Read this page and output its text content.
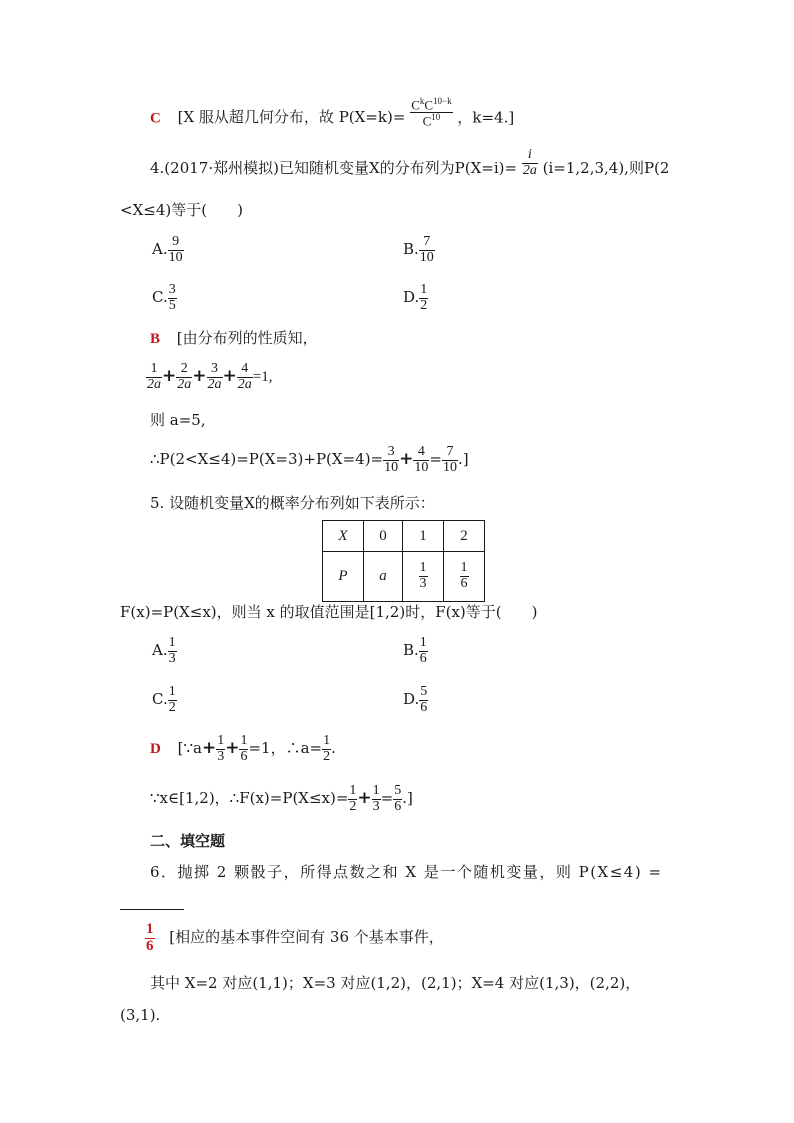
C [X 服从超几何分布，故 $P(X=k)= \frac{C^kC^{10-k}}{C^{10}}$ ，k=4.]
4.(2017·郑州模拟)已知随机变量X的分布列为$P(X=i)= \frac{i}{2a} (i=1,2,3,4)$,则P(2
<X≤4)等于(　　)
A. $\frac{9}{10}$	B. $\frac{7}{10}$
C. $\frac{3}{5}$	D. $\frac{1}{2}$
B [由分布列的性质知，
$\frac{1}{2a} + \frac{2}{2a} + \frac{3}{2a} + \frac{4}{2a} =1$,
则 a=5,
∴P(2<X≤4)=P(X=3)+P(X=4)= $\frac{3}{10} + \frac{4}{10} = \frac{7}{10}$ .]
5. 设随机变量X的概率分布列如下表所示：
X	0	1	2
P	a	$\frac{1}{3}$	$\frac{1}{6}$
F(x)=P(X≤x)，则当 x 的取值范围是[1,2)时，F(x)等于(　　)
A. $\frac{1}{3}$	B. $\frac{1}{6}$
C. $\frac{1}{2}$	D. $\frac{5}{6}$
D [∵a+ $\frac{1}{3} + \frac{1}{6} =1$，∴a= $\frac{1}{2}$ .
∵x∈[1,2)，∴F(x)=P(X≤x)= $\frac{1}{2} + \frac{1}{3} = \frac{5}{6}$ .]
二、填空题
6．抛掷 2 颗骰子，所得点数之和 X 是一个随机变量，则 P(X≤4) =
$\frac{1}{6}$ [相应的基本事件空间有 36 个基本事件，
其中 X=2 对应(1,1)；X=3 对应(1,2)，(2,1)；X=4 对应(1,3)，(2,2)，
(3,1).
